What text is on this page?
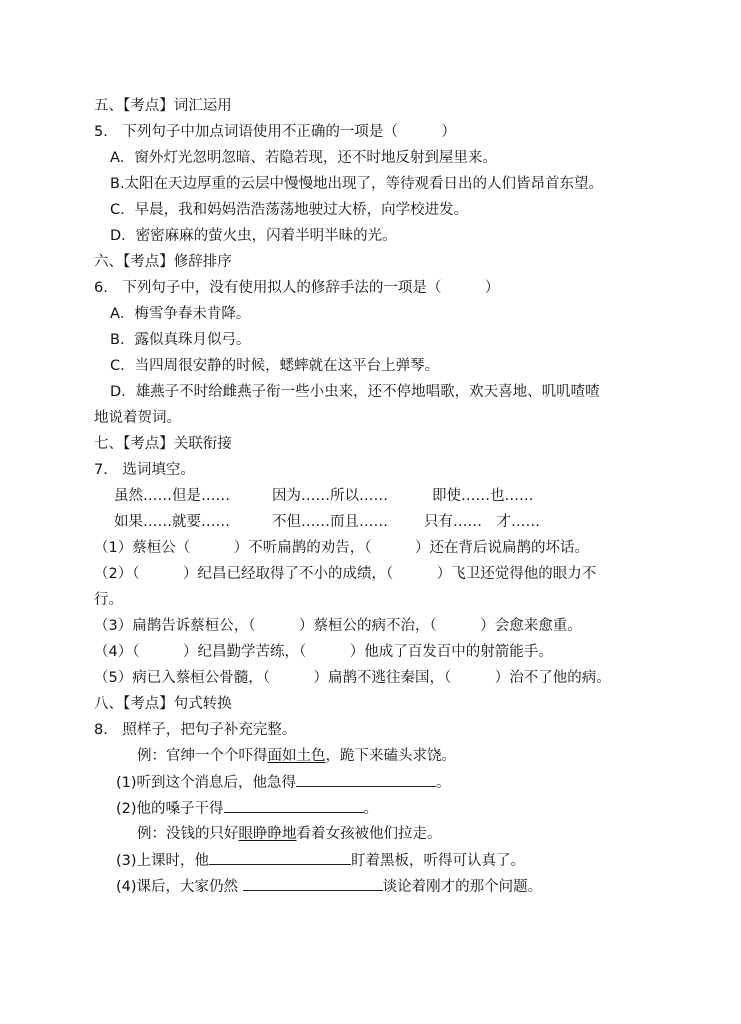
五、【考点】词汇运用
5.　下列句子中加点词语使用不正确的一项是（　　　）
A．窗外灯光忽明忽暗、若隐若现，还不时地反射到屋里来。
B.太阳在天边厚重的云层中慢慢地出现了，等待观看日出的人们皆昂首东望。
C．早晨，我和妈妈浩浩荡荡地驶过大桥，向学校进发。
D．密密麻麻的萤火虫，闪着半明半昧的光。
六、【考点】修辞排序
6.　下列句子中，没有使用拟人的修辞手法的一项是（　　　）
A．梅雪争春未肯降。
B．露似真珠月似弓。
C．当四周很安静的时候，蟋蟀就在这平台上弹琴。
D．雄燕子不时给雌燕子衔一些小虫来，还不停地唱歌，欢天喜地、叽叽喳喳
地说着贺词。
七、【考点】关联衔接
7.　选词填空。
虽然……但是……	因为……所以……	即使……也……
如果……就要……	不但……而且…… 只有……　才……
（1）蔡桓公（　　　）不听扁鹊的劝告，（　　　）还在背后说扁鹊的坏话。
（2）（　　　）纪昌已经取得了不小的成绩，（　　　）飞卫还觉得他的眼力不
行。
（3）扁鹊告诉蔡桓公，（　　　）蔡桓公的病不治，（　　　）会愈来愈重。
（4）（　　　）纪昌勤学苦练，（　　　）他成了百发百中的射箭能手。
（5）病已入蔡桓公骨髓，（　　　）扁鹊不逃往秦国，（　　　）治不了他的病。
八、【考点】句式转换
8.　照样子，把句子补充完整。
例：官绅一个个吓得面如土色，跪下来磕头求饶。
(1)听到这个消息后，他急得	。
(2)他的嗓子干得	。
例：没钱的只好眼睁睁地看着女孩被他们拉走。
(3)上课时，他	盯着黑板，听得可认真了。
(4)课后，大家仍然	谈论着刚才的那个问题。
